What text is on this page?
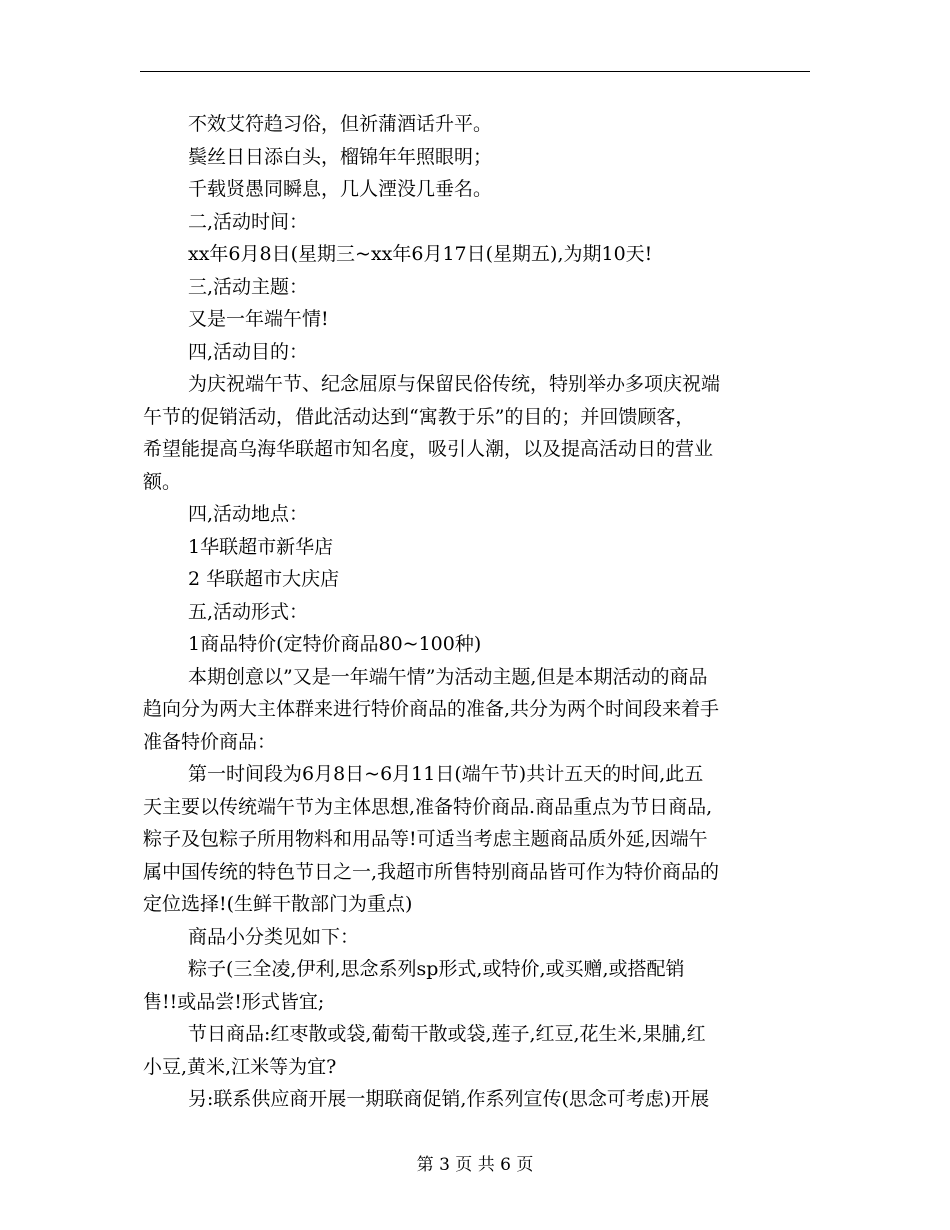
不效艾符趋习俗，但祈蒲酒话升平。
鬓丝日日添白头，榴锦年年照眼明；
千载贤愚同瞬息，几人湮没几垂名。
二,活动时间：
xx年6月8日(星期三~xx年6月17日(星期五),为期10天!
三,活动主题：
又是一年端午情!
四,活动目的：
为庆祝端午节、纪念屈原与保留民俗传统，特别举办多项庆祝端
午节的促销活动，借此活动达到“寓教于乐”的目的；并回馈顾客，
希望能提高乌海华联超市知名度，吸引人潮，以及提高活动日的营业
额。
四,活动地点：
1华联超市新华店
2 华联超市大庆店
五,活动形式：
1商品特价(定特价商品80~100种)
本期创意以”又是一年端午情”为活动主题,但是本期活动的商品
趋向分为两大主体群来进行特价商品的准备,共分为两个时间段来着手
准备特价商品：
第一时间段为6月8日~6月11日(端午节)共计五天的时间,此五
天主要以传统端午节为主体思想,准备特价商品.商品重点为节日商品,
粽子及包粽子所用物料和用品等!可适当考虑主题商品质外延,因端午
属中国传统的特色节日之一,我超市所售特别商品皆可作为特价商品的
定位选择!(生鲜干散部门为重点)
商品小分类见如下：
粽子(三全凌,伊利,思念系列sp形式,或特价,或买赠,或搭配销
售!!或品尝!形式皆宜;
节日商品:红枣散或袋,葡萄干散或袋,莲子,红豆,花生米,果脯,红
小豆,黄米,江米等为宜?
另:联系供应商开展一期联商促销,作系列宣传(思念可考虑)开展
第 3 页 共 6 页
